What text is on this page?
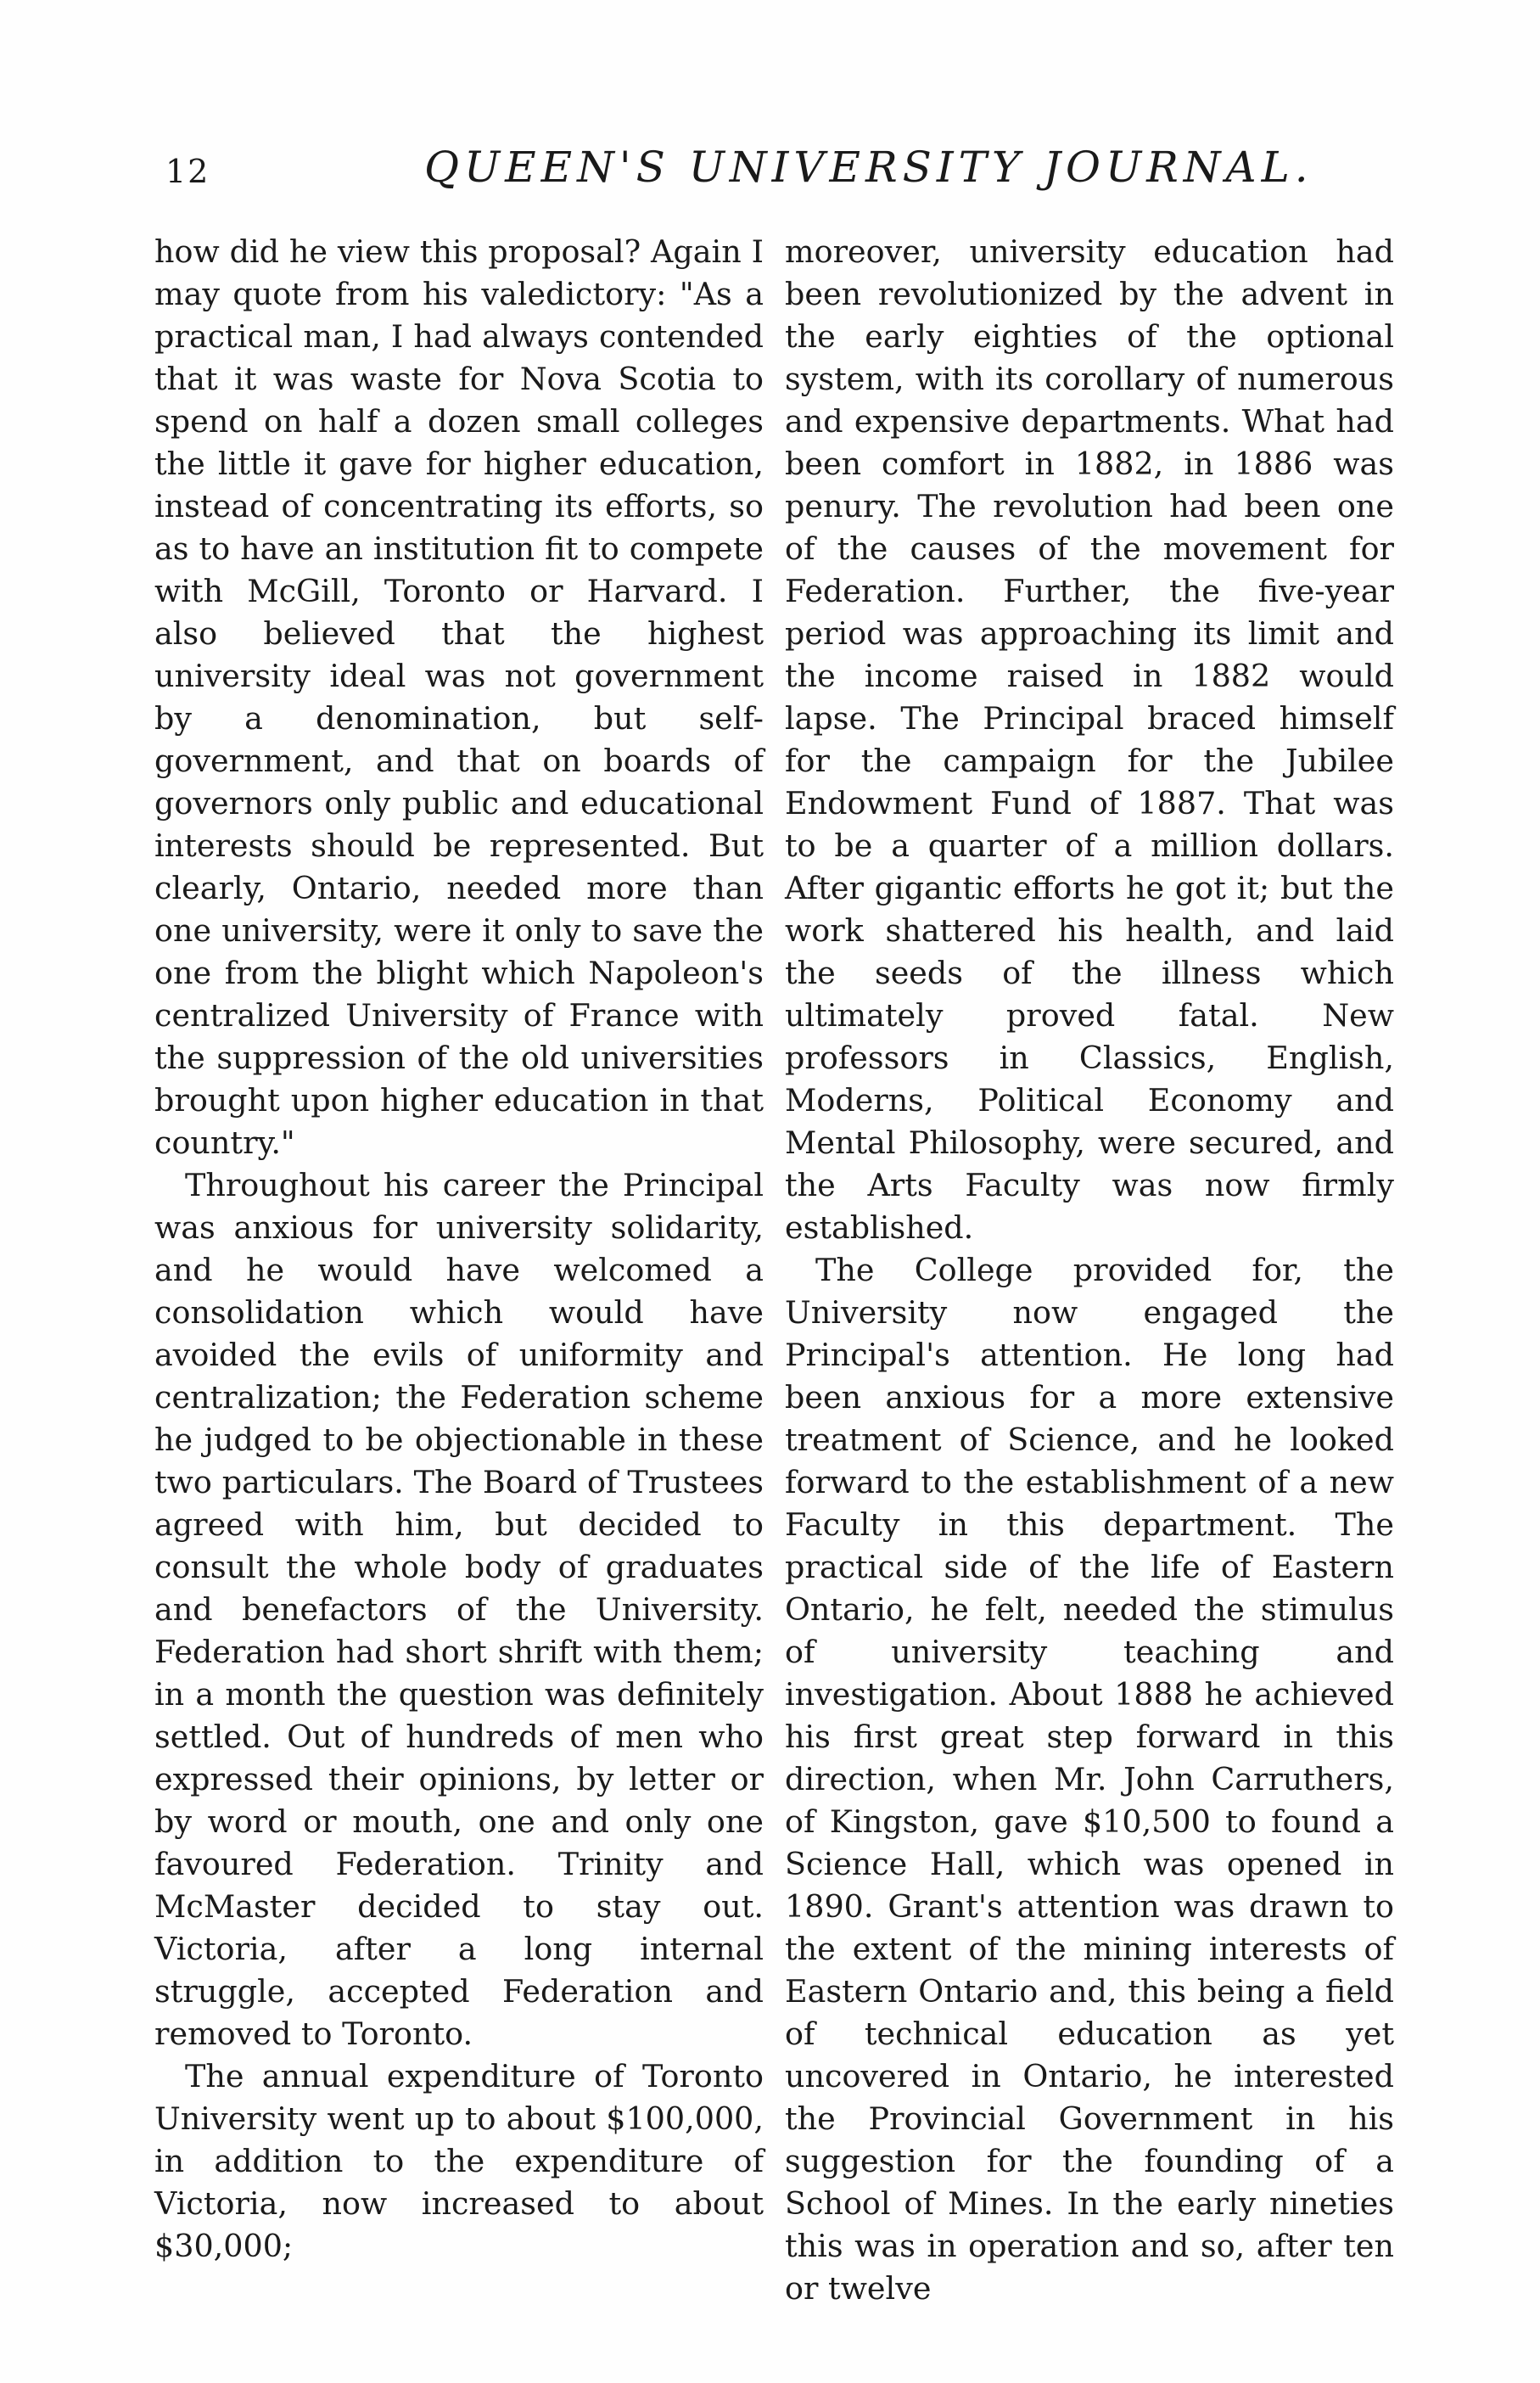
12	QUEEN'S UNIVERSITY JOURNAL.

how did he view this proposal? Again I may quote from his valedictory: "As a practical man, I had always contended that it was waste for Nova Scotia to spend on half a dozen small colleges the little it gave for higher education, instead of concentrating its efforts, so as to have an institution fit to compete with McGill, Toronto or Harvard. I also believed that the highest university ideal was not government by a denomination, but self-government, and that on boards of governors only public and educational interests should be represented. But clearly, Ontario, needed more than one university, were it only to save the one from the blight which Napoleon's centralized University of France with the suppression of the old universities brought upon higher education in that country."

Throughout his career the Principal was anxious for university solidarity, and he would have welcomed a consolidation which would have avoided the evils of uniformity and centralization; the Federation scheme he judged to be objectionable in these two particulars. The Board of Trustees agreed with him, but decided to consult the whole body of graduates and benefactors of the University. Federation had short shrift with them; in a month the question was definitely settled. Out of hundreds of men who expressed their opinions, by letter or by word or mouth, one and only one favoured Federation. Trinity and McMaster decided to stay out. Victoria, after a long internal struggle, accepted Federation and removed to Toronto.

The annual expenditure of Toronto University went up to about $100,000, in addition to the expenditure of Victoria, now increased to about $30,000;

moreover, university education had been revolutionized by the advent in the early eighties of the optional system, with its corollary of numerous and expensive departments. What had been comfort in 1882, in 1886 was penury. The revolution had been one of the causes of the movement for Federation. Further, the five-year period was approaching its limit and the income raised in 1882 would lapse. The Principal braced himself for the campaign for the Jubilee Endowment Fund of 1887. That was to be a quarter of a million dollars. After gigantic efforts he got it; but the work shattered his health, and laid the seeds of the illness which ultimately proved fatal. New professors in Classics, English, Moderns, Political Economy and Mental Philosophy, were secured, and the Arts Faculty was now firmly established.

The College provided for, the University now engaged the Principal's attention. He long had been anxious for a more extensive treatment of Science, and he looked forward to the establishment of a new Faculty in this department. The practical side of the life of Eastern Ontario, he felt, needed the stimulus of university teaching and investigation. About 1888 he achieved his first great step forward in this direction, when Mr. John Carruthers, of Kingston, gave $10,500 to found a Science Hall, which was opened in 1890. Grant's attention was drawn to the extent of the mining interests of Eastern Ontario and, this being a field of technical education as yet uncovered in Ontario, he interested the Provincial Government in his suggestion for the founding of a School of Mines. In the early nineties this was in operation and so, after ten or twelve
